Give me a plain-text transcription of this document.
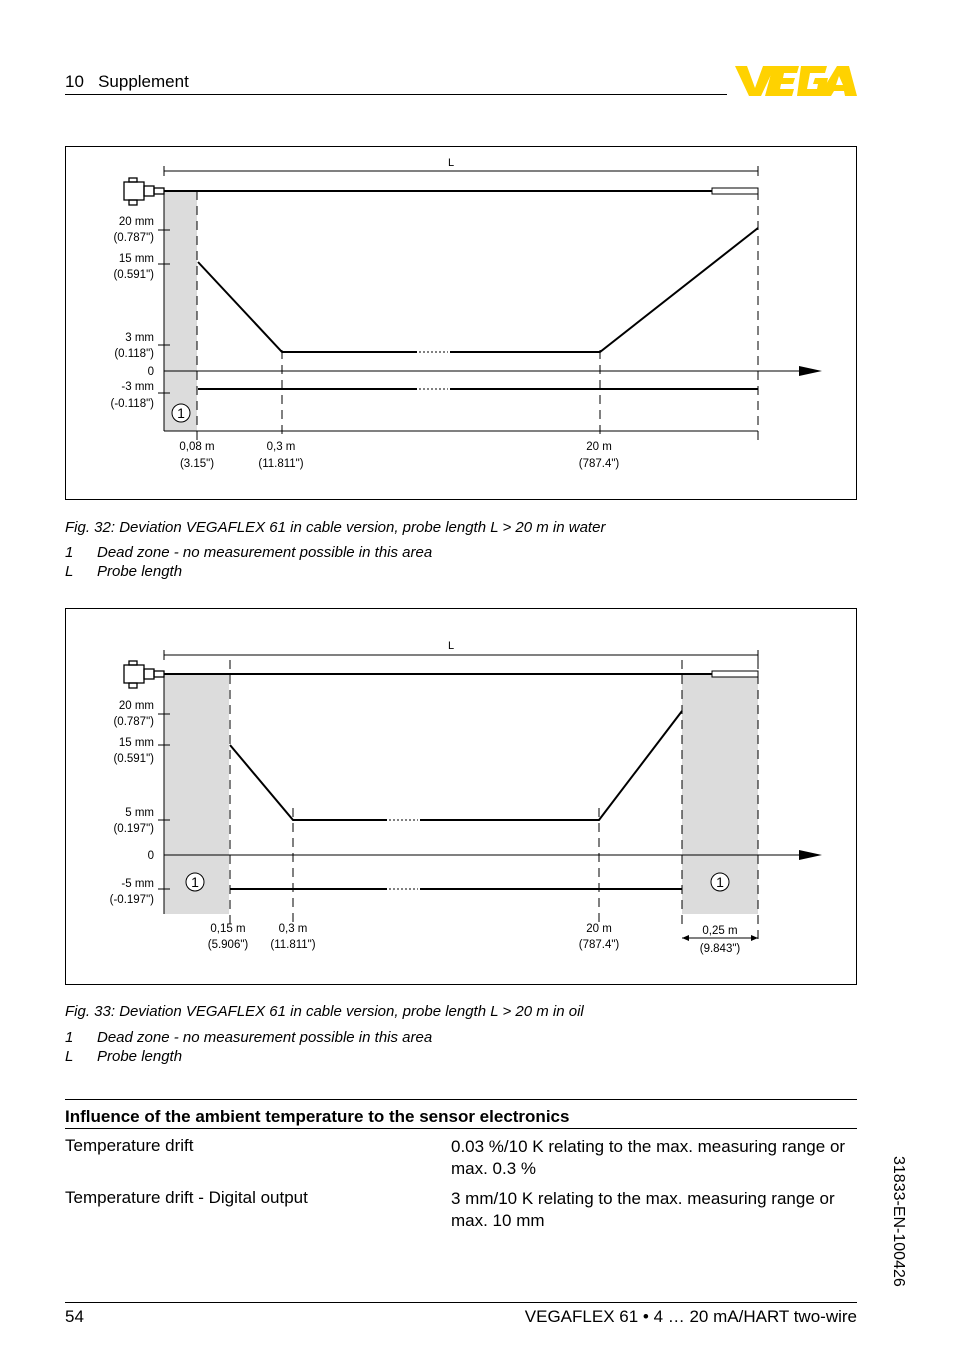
10   Supplement
VEGA
L
1
20 mm
(0.787")
15 mm
(0.591")
3 mm
(0.118")
0
-3 mm
(-0.118")
0,08 m
(3.15")
0,3 m
(11.811")
20 m
(787.4")
Fig. 32: Deviation VEGAFLEX 61 in cable version, probe length L > 20 m in water
1 Dead zone - no measurement possible in this area
L Probe length
L
1	1
20 mm
(0.787")
15 mm
(0.591")
5 mm
(0.197")
0
-5 mm
(-0.197")
0,15 m
(5.906")
0,3 m
(11.811")
20 m
(787.4")
0,25 m
(9.843")
Fig. 33: Deviation VEGAFLEX 61 in cable version, probe length L > 20 m in oil
1 Dead zone - no measurement possible in this area
L Probe length
Influence of the ambient temperature to the sensor electronics
Temperature drift	0.03 %/10 K relating to the max. measuring range or max. 0.3 %
Temperature drift - Digital output	3 mm/10 K relating to the max. measuring range or max. 10 mm	31833-EN-100426
54	VEGAFLEX 61 • 4 … 20 mA/HART two-wire
